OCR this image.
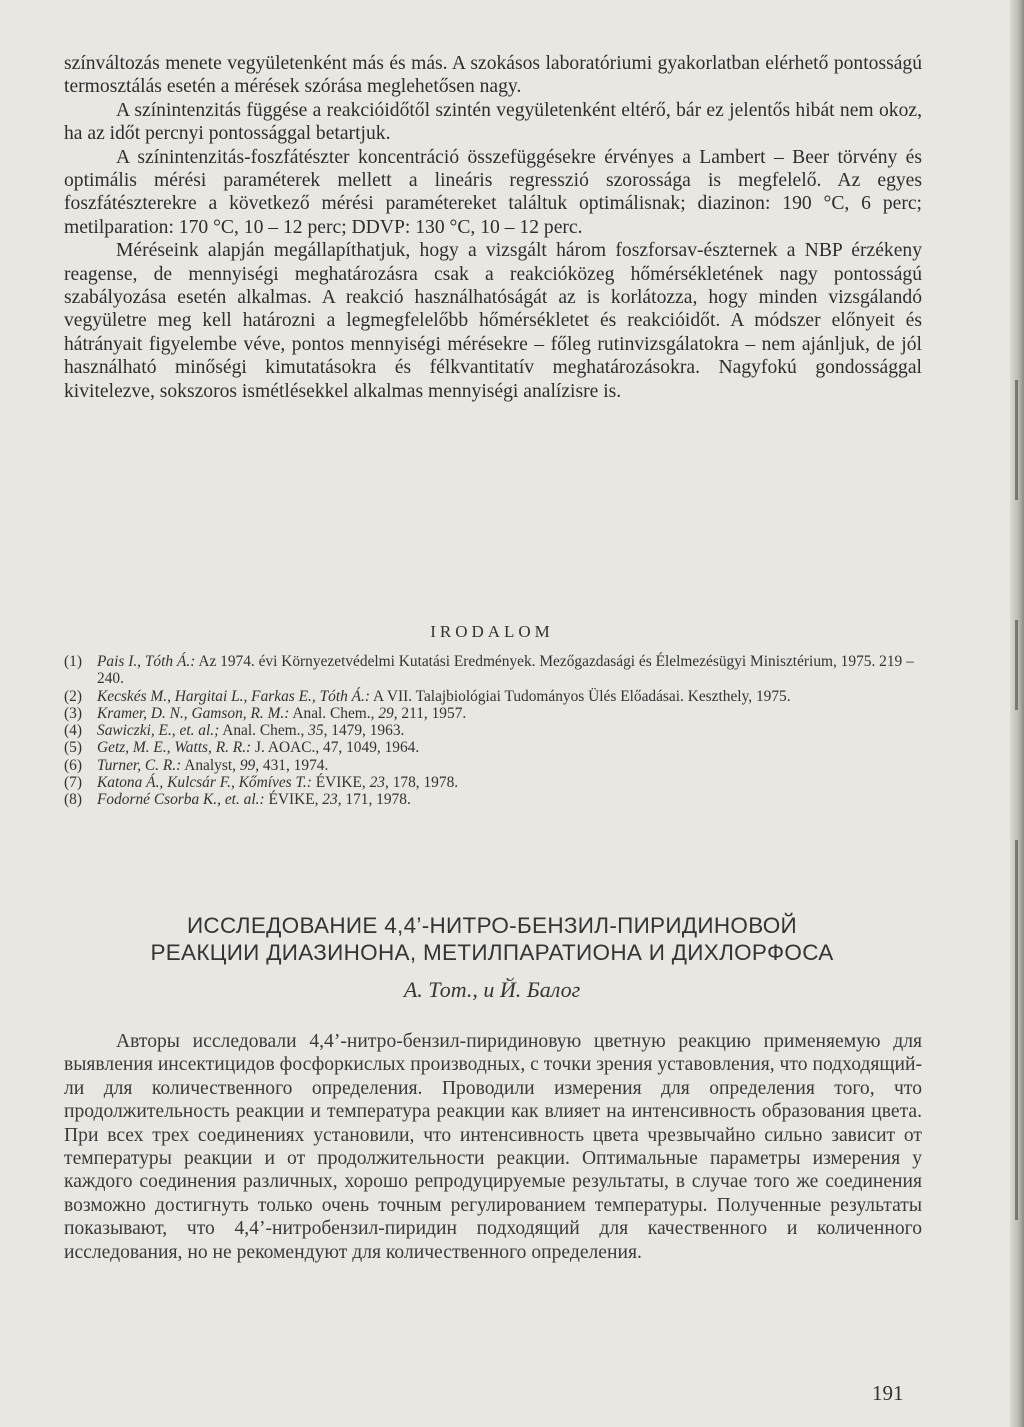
színváltozás menete vegyületenként más és más. A szokásos laboratóriumi gyakorlatban elérhető pontosságú termosztálás esetén a mérések szórása meglehetősen nagy.

A színintenzitás függése a reakcióidőtől szintén vegyületenként eltérő, bár ez jelentős hibát nem okoz, ha az időt percnyi pontossággal betartjuk.

A színintenzitás-foszfátészter koncentráció összefüggésekre érvényes a Lambert – Beer törvény és optimális mérési paraméterek mellett a lineáris regresszió szorossága is megfelelő. Az egyes foszfátészterekre a következő mérési paramétereket találtuk optimálisnak; diazinon: 190 °C, 6 perc; metilparation: 170 °C, 10 – 12 perc; DDVP: 130 °C, 10 – 12 perc.

Méréseink alapján megállapíthatjuk, hogy a vizsgált három foszforsav-észternek a NBP érzékeny reagense, de mennyiségi meghatározásra csak a reakcióközeg hőmérsékletének nagy pontosságú szabályozása esetén alkalmas. A reakció használhatóságát az is korlátozza, hogy minden vizsgálandó vegyületre meg kell határozni a legmegfelelőbb hőmérsékletet és reakcióidőt. A módszer előnyeit és hátrányait figyelembe véve, pontos mennyiségi mérésekre – főleg rutinvizsgálatokra – nem ajánljuk, de jól használható minőségi kimutatásokra és félkvantitatív meghatározásokra. Nagyfokú gondossággal kivitelezve, sokszoros ismétlésekkel alkalmas mennyiségi analízisre is.

IRODALOM
(1) Pais I., Tóth Á.: Az 1974. évi Környezetvédelmi Kutatási Eredmények. Mezőgazdasági és Élelmezésügyi Minisztérium, 1975. 219 – 240.
(2) Kecskés M., Hargitai L., Farkas E., Tóth Á.: A VII. Talajbiológiai Tudományos Ülés Előadásai. Keszthely, 1975.
(3) Kramer, D. N., Gamson, R. M.: Anal. Chem., 29, 211, 1957.
(4) Sawiczki, E., et. al.; Anal. Chem., 35, 1479, 1963.
(5) Getz, M. E., Watts, R. R.: J. AOAC., 47, 1049, 1964.
(6) Turner, C. R.: Analyst, 99, 431, 1974.
(7) Katona Á., Kulcsár F., Kőmíves T.: ÉVIKE, 23, 178, 1978.
(8) Fodorné Csorba K., et. al.: ÉVIKE, 23, 171, 1978.
ИССЛЕДОВАНИЕ 4,4’-НИТРО-БЕНЗИЛ-ПИРИДИНОВОЙ
РЕАКЦИИ ДИАЗИНОНА, МЕТИЛПАРАТИОНА И ДИХЛОРФОСА
А. Тот., и Й. Балог

Авторы исследовали 4,4’-нитро-бензил-пиридиновую цветную реакцию применяемую для выявления инсектицидов фосфоркислых производных, с точки зрения уставовления, что подходящий-ли для количественного определения. Проводили измерения для определения того, что продолжительность реакции и температура реакции как влияет на интенсивность образования цвета. При всех трех соединениях установили, что интенсивность цвета чрезвычайно сильно зависит от температуры реакции и от продолжительности реакции. Оптимальные параметры измерения у каждого соединения различных, хорошо репродуцируемые результаты, в случае того же соединения возможно достигнуть только очень точным регулированием температуры. Полученные результаты показывают, что 4,4’-нитробензил-пиридин подходящий для качественного и количенного исследования, но не рекомендуют для количественного определения.

191
